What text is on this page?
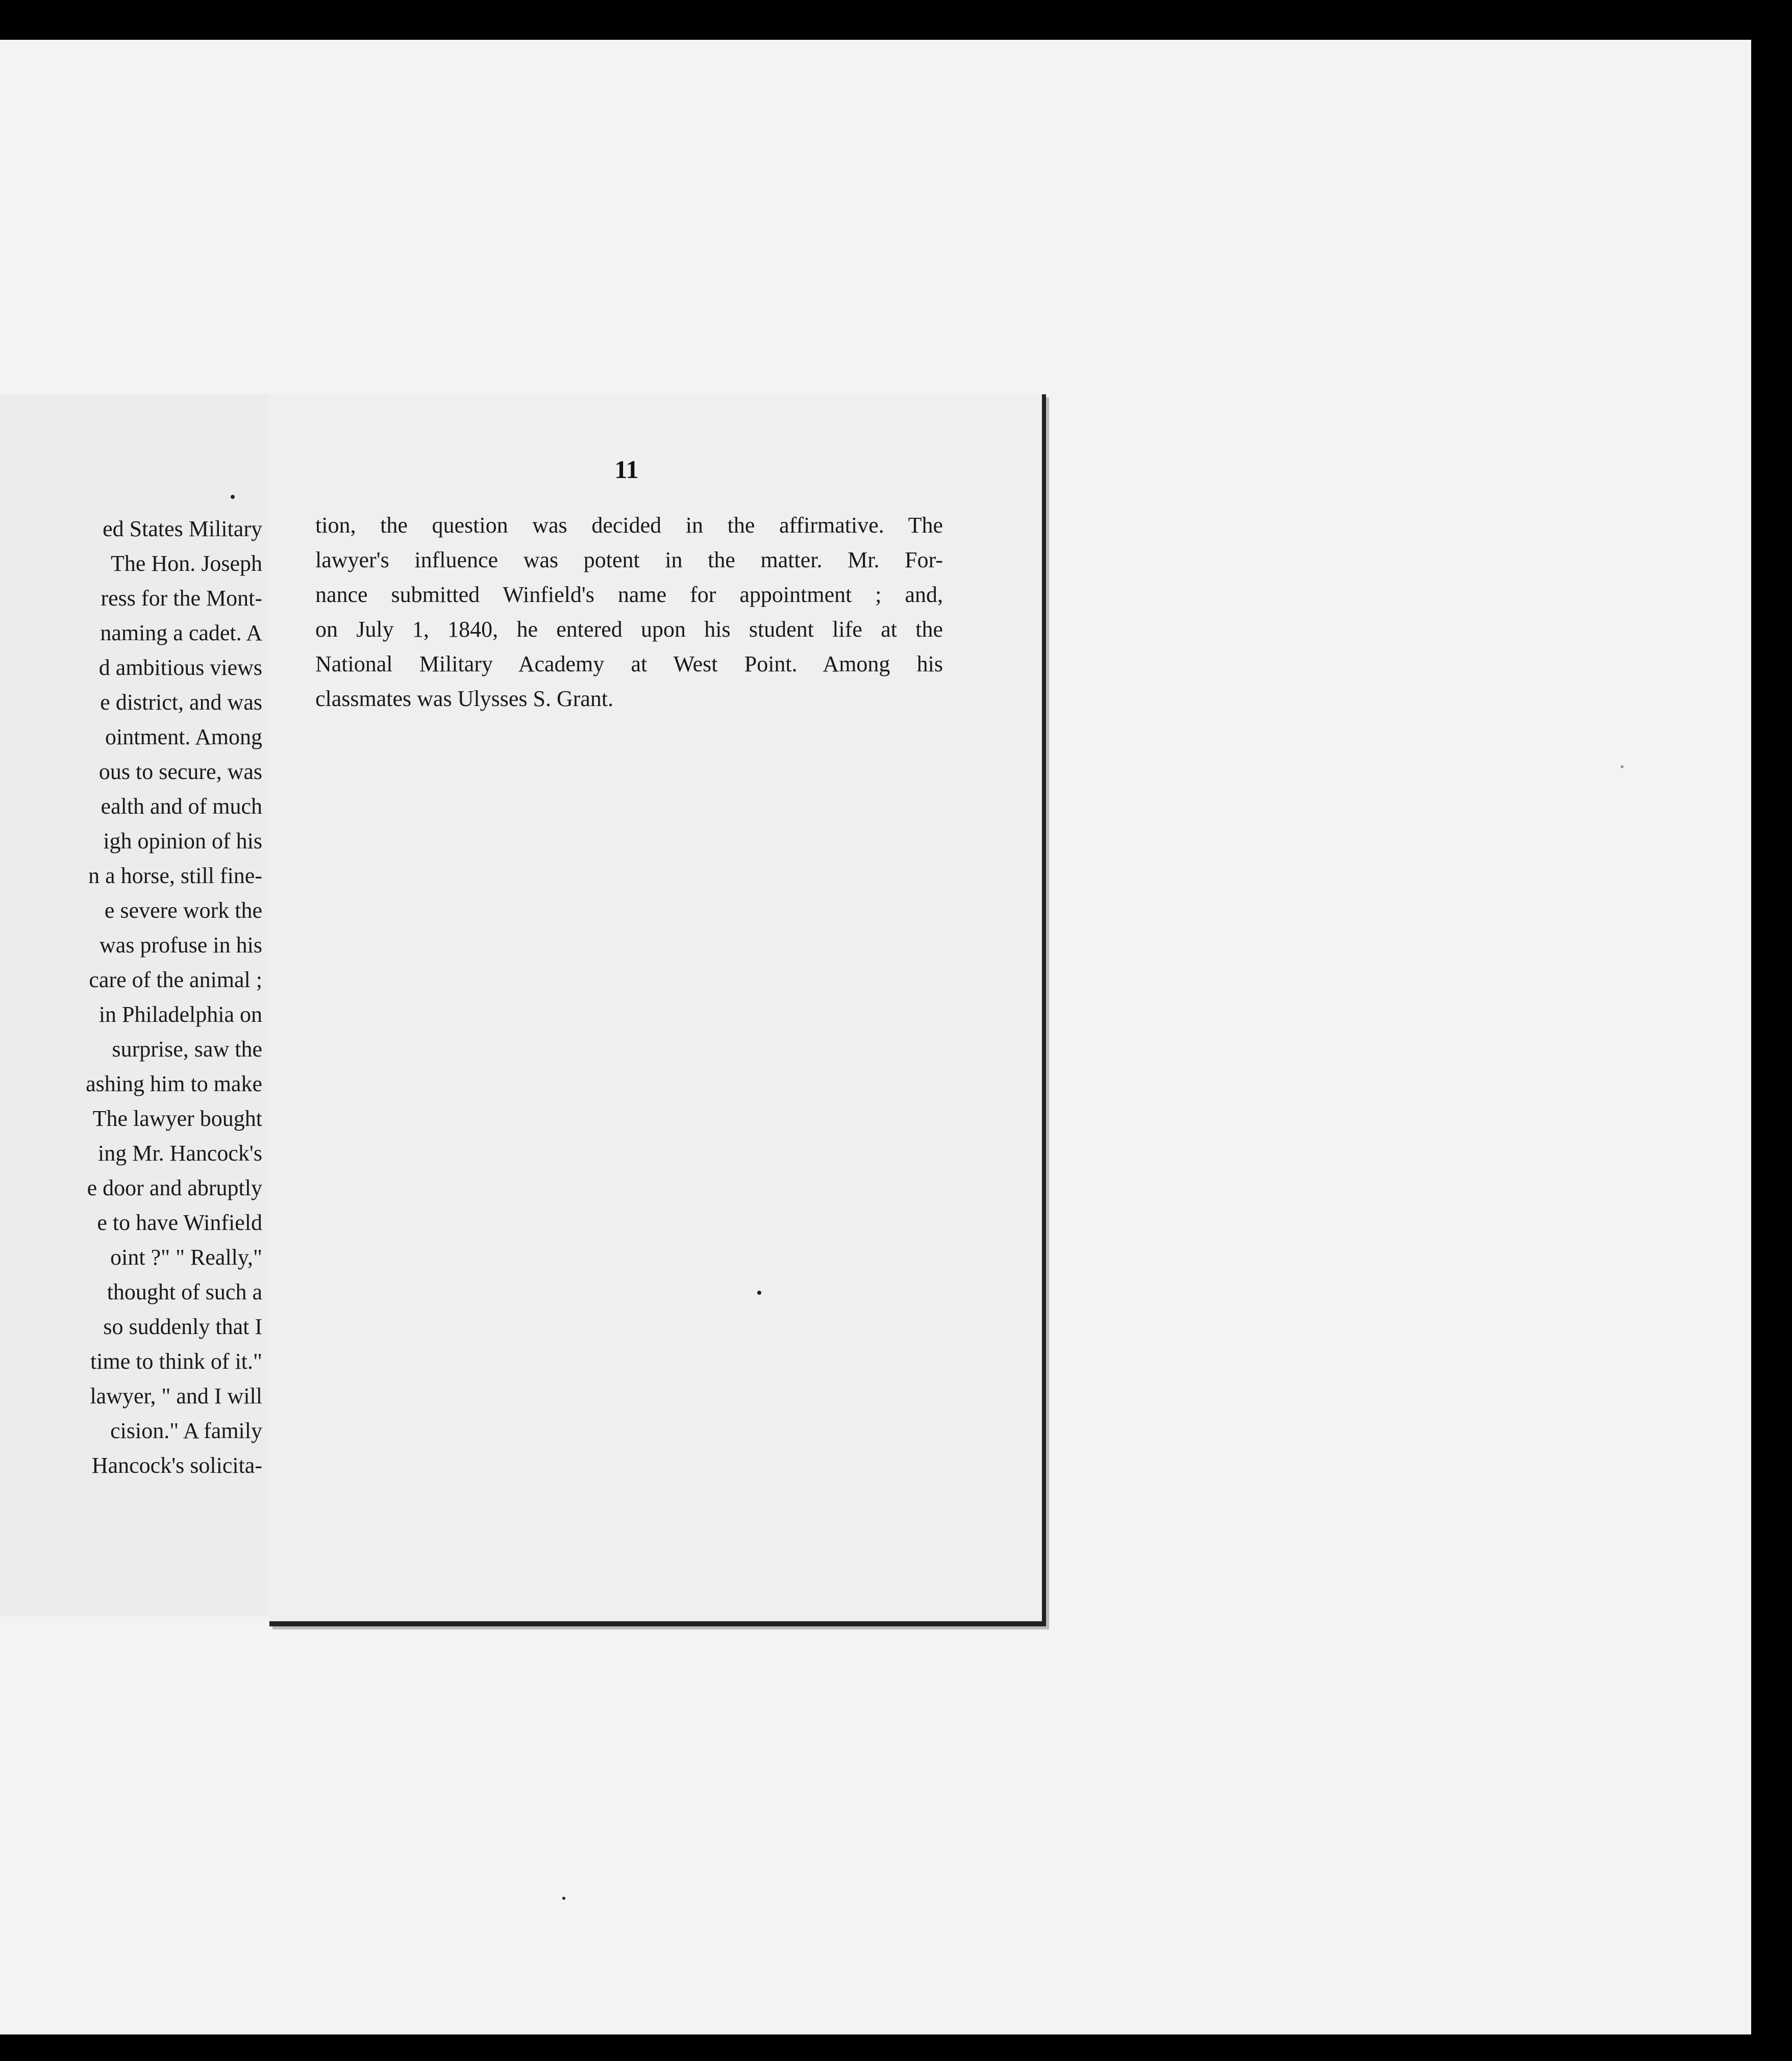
ed States Military
The Hon. Joseph
ress for the Mont-
naming a cadet. A
d ambitious views
e district, and was
ointment. Among
ous to secure, was
ealth and of much
igh opinion of his
n a horse, still fine-
e severe work the
was profuse in his
care of the animal ;
in Philadelphia on
surprise, saw the
ashing him to make
The lawyer bought
ing Mr. Hancock's
e door and abruptly
e to have Winfield
oint ?" " Really,"
thought of such a
so suddenly that I
time to think of it."
lawyer, " and I will
cision." A family
Hancock's solicita-
11
tion, the question was decided in the affirmative. The
lawyer's influence was potent in the matter. Mr. For-
nance submitted Winfield's name for appointment ; and,
on July 1, 1840, he entered upon his student life at the
National Military Academy at West Point. Among his
classmates was Ulysses S. Grant.
